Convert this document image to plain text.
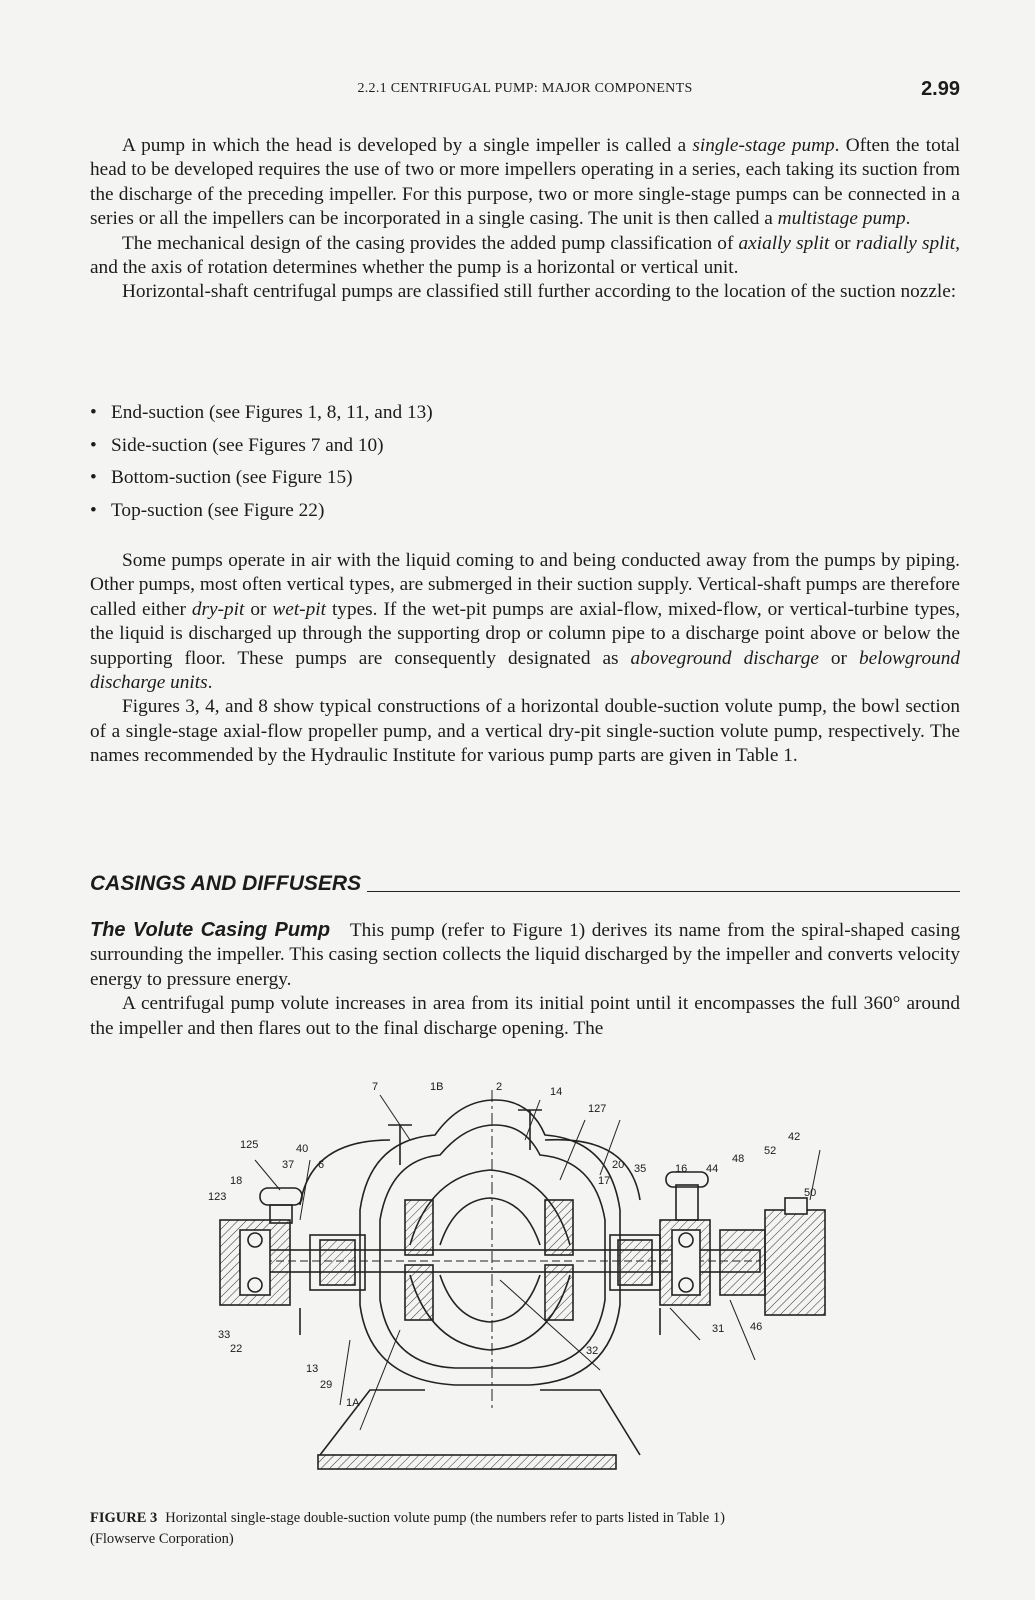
2.2.1 CENTRIFUGAL PUMP: MAJOR COMPONENTS	2.99

A pump in which the head is developed by a single impeller is called a single-stage pump. Often the total head to be developed requires the use of two or more impellers operating in a series, each taking its suction from the discharge of the preceding impeller. For this purpose, two or more single-stage pumps can be connected in a series or all the impellers can be incorporated in a single casing. The unit is then called a multistage pump.

The mechanical design of the casing provides the added pump classification of axially split or radially split, and the axis of rotation determines whether the pump is a horizontal or vertical unit.

Horizontal-shaft centrifugal pumps are classified still further according to the location of the suction nozzle:

• End-suction (see Figures 1, 8, 11, and 13)
• Side-suction (see Figures 7 and 10)
• Bottom-suction (see Figure 15)
• Top-suction (see Figure 22)

Some pumps operate in air with the liquid coming to and being conducted away from the pumps by piping. Other pumps, most often vertical types, are submerged in their suction supply. Vertical-shaft pumps are therefore called either dry-pit or wet-pit types. If the wet-pit pumps are axial-flow, mixed-flow, or vertical-turbine types, the liquid is discharged up through the supporting drop or column pipe to a discharge point above or below the supporting floor. These pumps are consequently designated as aboveground discharge or belowground discharge units.

Figures 3, 4, and 8 show typical constructions of a horizontal double-suction volute pump, the bowl section of a single-stage axial-flow propeller pump, and a vertical dry-pit single-suction volute pump, respectively. The names recommended by the Hydraulic Institute for various pump parts are given in Table 1.

CASINGS AND DIFFUSERS

The Volute Casing Pump This pump (refer to Figure 1) derives its name from the spiral-shaped casing surrounding the impeller. This casing section collects the liquid discharged by the impeller and converts velocity energy to pressure energy.

A centrifugal pump volute increases in area from its initial point until it encompasses the full 360° around the impeller and then flares out to the final discharge opening. The

7	1B	2	14
127
125	40
37 6
18
123
20 35
17
16 44
48
52
42
50
33
22
13
29
1A
31 46
32
FIGURE 3 Horizontal single-stage double-suction volute pump (the numbers refer to parts listed in Table 1)
(Flowserve Corporation)
